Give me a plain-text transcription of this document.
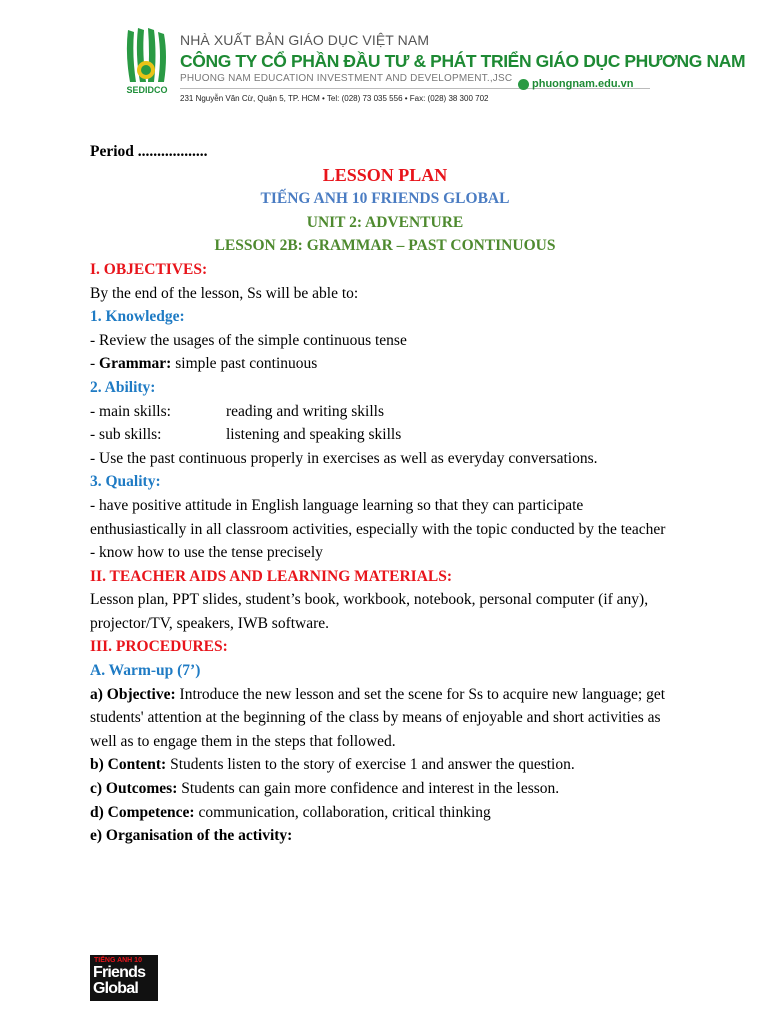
SEDIDCO
NHÀ XUẤT BẢN GIÁO DỤC VIỆT NAM
CÔNG TY CỔ PHẦN ĐẦU TƯ & PHÁT TRIỂN GIÁO DỤC PHƯƠNG NAM
PHUONG NAM EDUCATION INVESTMENT AND DEVELOPMENT.,JSC
231 Nguyễn Văn Cừ, Quận 5, TP. HCM • Tel: (028) 73 035 556 • Fax: (028) 38 300 702
phuongnam.edu.vn

Period ..................

LESSON PLAN

TIẾNG ANH 10 FRIENDS GLOBAL

UNIT 2: ADVENTURE

LESSON 2B: GRAMMAR – PAST CONTINUOUS

I. OBJECTIVES:

By the end of the lesson, Ss will be able to:

1. Knowledge:

- Review the usages of the simple continuous tense

- Grammar: simple past continuous

2. Ability:

- main skills:	reading and writing skills

- sub skills:	listening and speaking skills

- Use the past continuous properly in exercises as well as everyday conversations.

3. Quality:

- have positive attitude in English language learning so that they can participate enthusiastically in all classroom activities, especially with the topic conducted by the teacher

- know how to use the tense precisely

II. TEACHER AIDS AND LEARNING MATERIALS:

Lesson plan, PPT slides, student’s book, workbook, notebook, personal computer (if any), projector/TV, speakers, IWB software.

III. PROCEDURES:

A. Warm-up (7’)

a) Objective: Introduce the new lesson and set the scene for Ss to acquire new language; get students' attention at the beginning of the class by means of enjoyable and short activities as well as to engage them in the steps that followed.

b) Content: Students listen to the story of exercise 1 and answer the question.

c) Outcomes: Students can gain more confidence and interest in the lesson.

d) Competence: communication, collaboration, critical thinking

e) Organisation of the activity:

TIẾNG ANH 10
Friends
Global
